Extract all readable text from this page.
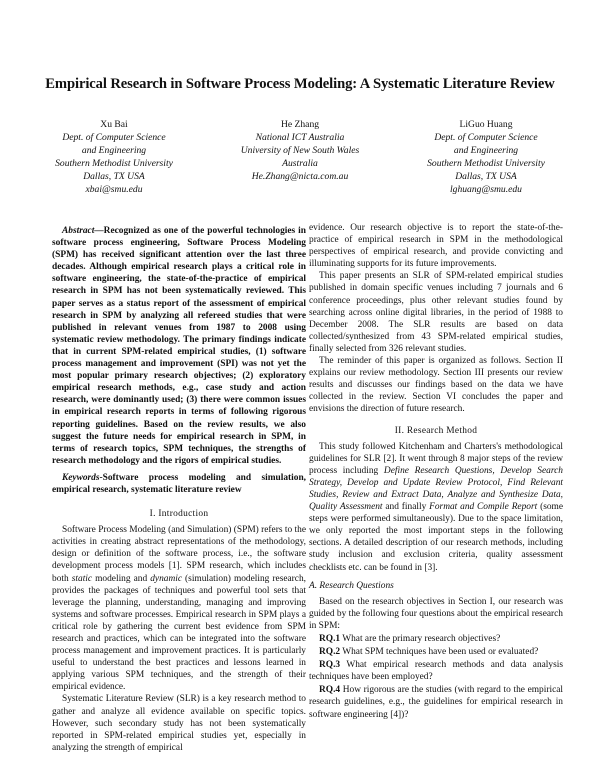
Empirical Research in Software Process Modeling: A Systematic Literature Review
Xu Bai
Dept. of Computer Science
and Engineering
Southern Methodist University
Dallas, TX USA
xbai@smu.edu
He Zhang
National ICT Australia
University of New South Wales
Australia
He.Zhang@nicta.com.au
LiGuo Huang
Dept. of Computer Science
and Engineering
Southern Methodist University
Dallas, TX USA
lghuang@smu.edu

Abstract—Recognized as one of the powerful technologies in software process engineering, Software Process Modeling (SPM) has received significant attention over the last three decades. Although empirical research plays a critical role in software engineering, the state-of-the-practice of empirical research in SPM has not been systematically reviewed. This paper serves as a status report of the assessment of empirical research in SPM by analyzing all refereed studies that were published in relevant venues from 1987 to 2008 using systematic review methodology. The primary findings indicate that in current SPM-related empirical studies, (1) software process management and improvement (SPI) was not yet the most popular primary research objectives; (2) exploratory empirical research methods, e.g., case study and action research, were dominantly used; (3) there were common issues in empirical research reports in terms of following rigorous reporting guidelines. Based on the review results, we also suggest the future needs for empirical research in SPM, in terms of research topics, SPM techniques, the strengths of research methodology and the rigors of empirical studies.

Keywords-Software process modeling and simulation, empirical research, systematic literature review

I. Introduction

Software Process Modeling (and Simulation) (SPM) refers to the activities in creating abstract representations of the methodology, design or definition of the software process, i.e., the software development process models [1]. SPM research, which includes both static modeling and dynamic (simulation) modeling research, provides the packages of techniques and powerful tool sets that leverage the planning, understanding, managing and improving systems and software processes. Empirical research in SPM plays a critical role by gathering the current best evidence from SPM research and practices, which can be integrated into the software process management and improvement practices. It is particularly useful to understand the best practices and lessons learned in applying various SPM techniques, and the strength of their empirical evidence.

Systematic Literature Review (SLR) is a key research method to gather and analyze all evidence available on specific topics. However, such secondary study has not been systematically reported in SPM-related empirical studies yet, especially in analyzing the strength of empirical

evidence. Our research objective is to report the state-of-the-practice of empirical research in SPM in the methodological perspectives of empirical research, and provide convicting and illuminating supports for its future improvements.

This paper presents an SLR of SPM-related empirical studies published in domain specific venues including 7 journals and 6 conference proceedings, plus other relevant studies found by searching across online digital libraries, in the period of 1988 to December 2008. The SLR results are based on data collected/synthesized from 43 SPM-related empirical studies, finally selected from 326 relevant studies.

The reminder of this paper is organized as follows. Section II explains our review methodology. Section III presents our review results and discusses our findings based on the data we have collected in the review. Section VI concludes the paper and envisions the direction of future research.

II. Research Method

This study followed Kitchenham and Charters's methodological guidelines for SLR [2]. It went through 8 major steps of the review process including Define Research Questions, Develop Search Strategy, Develop and Update Review Protocol, Find Relevant Studies, Review and Extract Data, Analyze and Synthesize Data, Quality Assessment and finally Format and Compile Report (some steps were performed simultaneously). Due to the space limitation, we only reported the most important steps in the following sections. A detailed description of our research methods, including study inclusion and exclusion criteria, quality assessment checklists etc. can be found in [3].

A. Research Questions

Based on the research objectives in Section I, our research was guided by the following four questions about the empirical research in SPM:

RQ.1 What are the primary research objectives?

RQ.2 What SPM techniques have been used or evaluated?

RQ.3 What empirical research methods and data analysis techniques have been employed?

RQ.4 How rigorous are the studies (with regard to the empirical research guidelines, e.g., the guidelines for empirical research in software engineering [4])?
